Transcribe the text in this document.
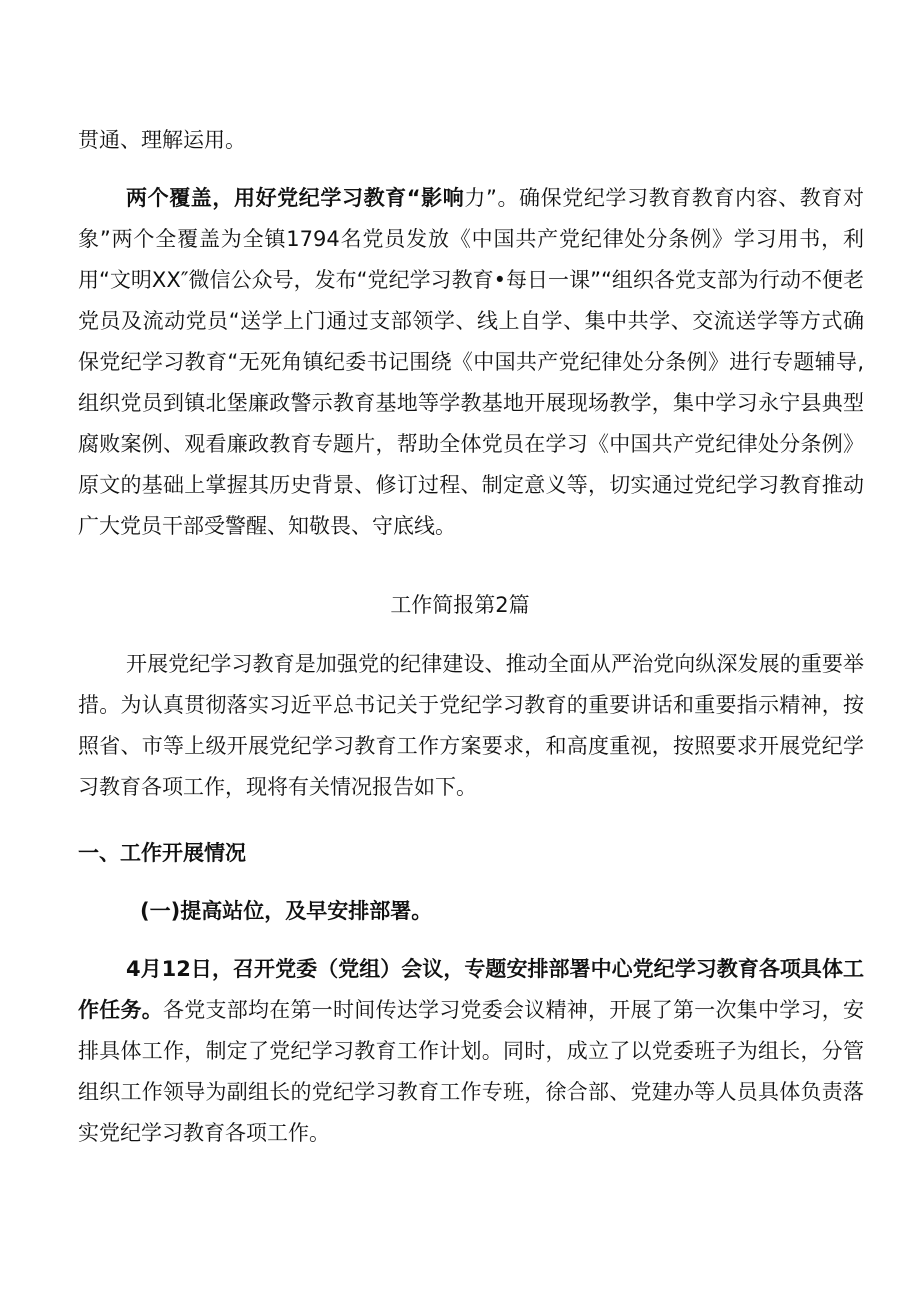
贯通、理解运用。

两个覆盖，用好党纪学习教育“影响力”。确保党纪学习教育教育内容、教育对象”两个全覆盖为全镇1794名党员发放《中国共产党纪律处分条例》学习用书，利用“文明XX″微信公众号，发布“党纪学习教育•每日一课”“组织各党支部为行动不便老党员及流动党员“送学上门通过支部领学、线上自学、集中共学、交流送学等方式确保党纪学习教育“无死角镇纪委书记围绕《中国共产党纪律处分条例》进行专题辅导,组织党员到镇北堡廉政警示教育基地等学教基地开展现场教学，集中学习永宁县典型腐败案例、观看廉政教育专题片，帮助全体党员在学习《中国共产党纪律处分条例》原文的基础上掌握其历史背景、修订过程、制定意义等，切实通过党纪学习教育推动广大党员干部受警醒、知敬畏、守底线。

工作简报第2篇

开展党纪学习教育是加强党的纪律建设、推动全面从严治党向纵深发展的重要举措。为认真贯彻落实习近平总书记关于党纪学习教育的重要讲话和重要指示精神，按照省、市等上级开展党纪学习教育工作方案要求，和高度重视，按照要求开展党纪学习教育各项工作，现将有关情况报告如下。

一、工作开展情况

(一)提高站位，及早安排部署。

4月12日，召开党委（党组）会议，专题安排部署中心党纪学习教育各项具体工作任务。各党支部均在第一时间传达学习党委会议精神，开展了第一次集中学习，安排具体工作，制定了党纪学习教育工作计划。同时，成立了以党委班子为组长，分管组织工作领导为副组长的党纪学习教育工作专班，徐合部、党建办等人员具体负责落实党纪学习教育各项工作。
